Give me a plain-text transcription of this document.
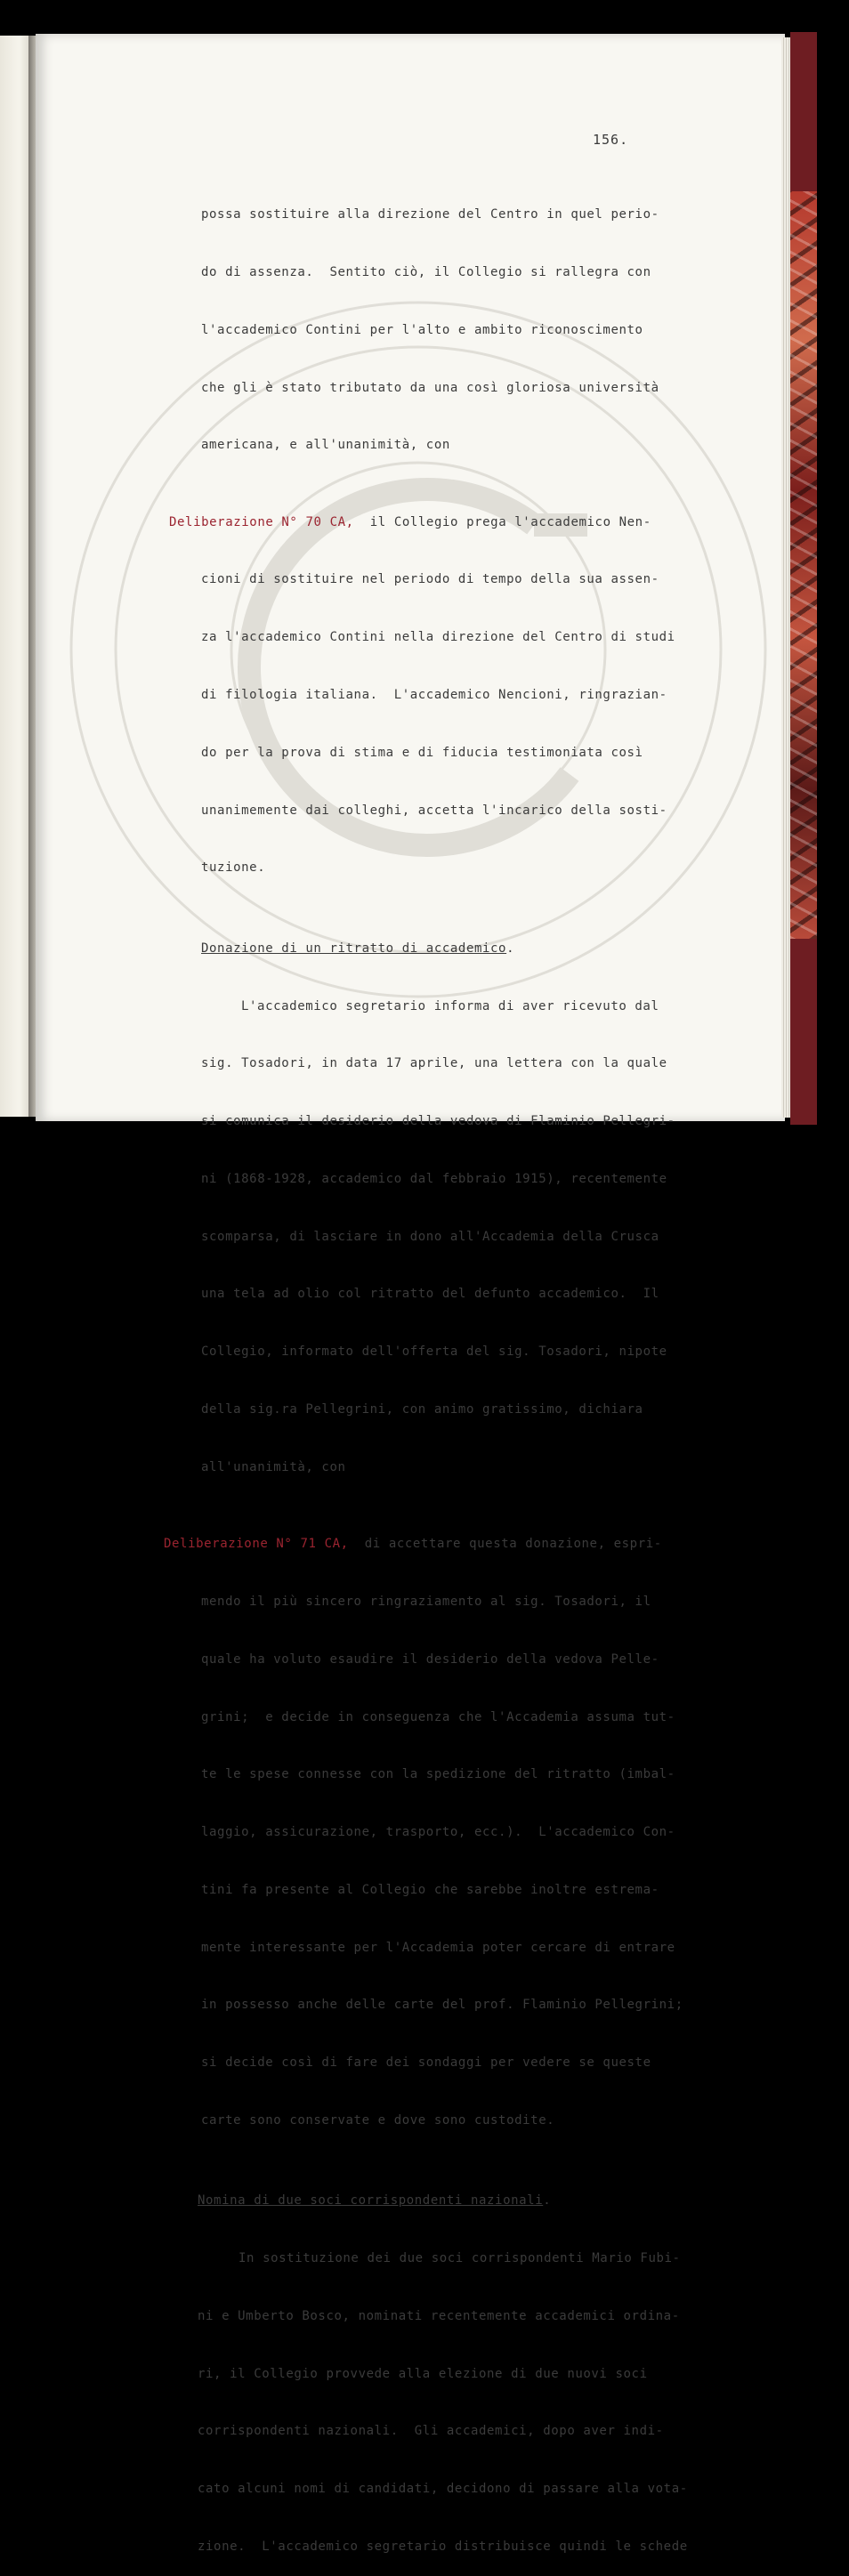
156.

possa sostituire alla direzione del Centro in quel perio-

do di assenza.  Sentito ciò, il Collegio si rallegra con

l'accademico Contini per l'alto e ambito riconoscimento

che gli è stato tributato da una così gloriosa università

americana, e all'unanimità, con

Deliberazione N° 70 CA, il Collegio prega l'accademico Nen-

cioni di sostituire nel periodo di tempo della sua assen-

za l'accademico Contini nella direzione del Centro di studi

di filologia italiana.  L'accademico Nencioni, ringrazian-

do per la prova di stima e di fiducia testimoniata così

unanimemente dai colleghi, accetta l'incarico della sosti-

tuzione.

Donazione di un ritratto di accademico.

L'accademico segretario informa di aver ricevuto dal

sig. Tosadori, in data 17 aprile, una lettera con la quale

si comunica il desiderio della vedova di Flaminio Pellegri-

ni (1868-1928, accademico dal febbraio 1915), recentemente

scomparsa, di lasciare in dono all'Accademia della Crusca

una tela ad olio col ritratto del defunto accademico.  Il

Collegio, informato dell'offerta del sig. Tosadori, nipote

della sig.ra Pellegrini, con animo gratissimo, dichiara

all'unanimità, con

Deliberazione N° 71 CA, di accettare questa donazione, espri-

mendo il più sincero ringraziamento al sig. Tosadori, il

quale ha voluto esaudire il desiderio della vedova Pelle-

grini;  e decide in conseguenza che l'Accademia assuma tut-

te le spese connesse con la spedizione del ritratto (imbal-

laggio, assicurazione, trasporto, ecc.).  L'accademico Con-

tini fa presente al Collegio che sarebbe inoltre estrema-

mente interessante per l'Accademia poter cercare di entrare

in possesso anche delle carte del prof. Flaminio Pellegrini;

si decide così di fare dei sondaggi per vedere se queste

carte sono conservate e dove sono custodite.

Nomina di due soci corrispondenti nazionali.

In sostituzione dei due soci corrispondenti Mario Fubi-

ni e Umberto Bosco, nominati recentemente accademici ordina-

ri, il Collegio provvede alla elezione di due nuovi soci

corrispondenti nazionali.  Gli accademici, dopo aver indi-

cato alcuni nomi di candidati, decidono di passare alla vota-

zione.  L'accademico segretario distribuisce quindi le schede
